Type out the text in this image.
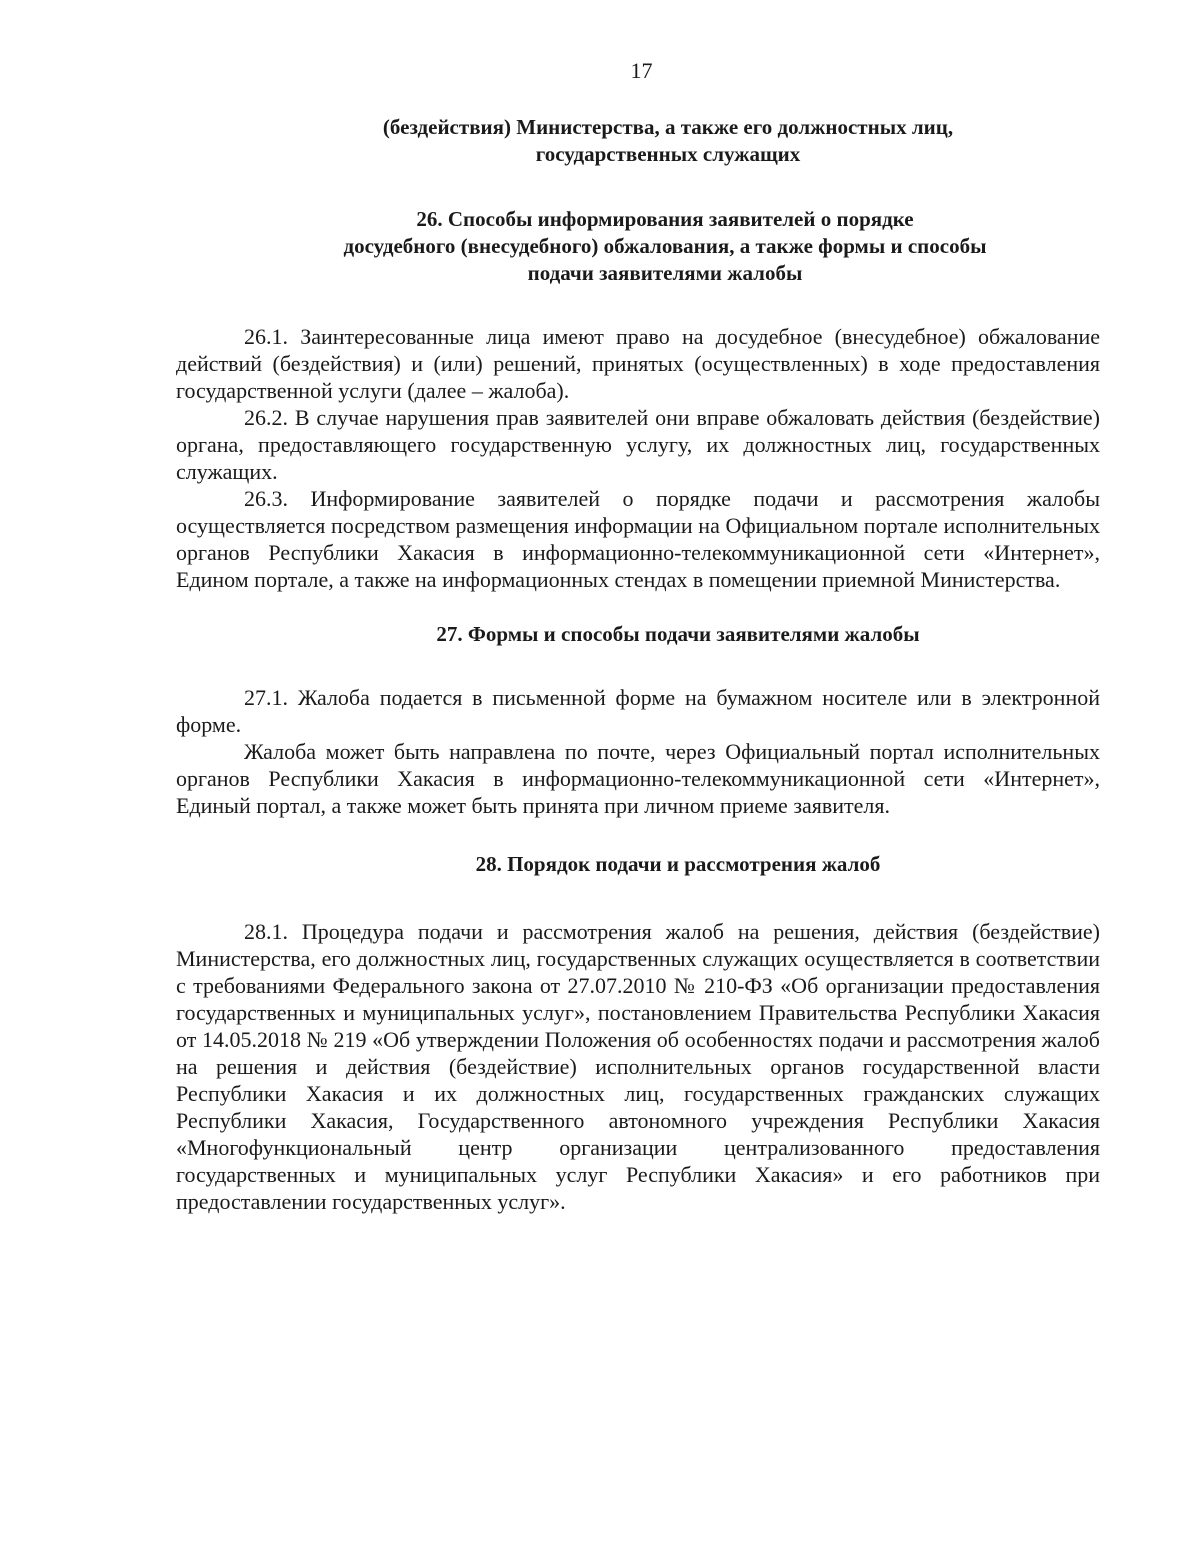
17
(бездействия) Министерства, а также его должностных лиц,
государственных служащих
26. Способы информирования заявителей о порядке
досудебного (внесудебного) обжалования, а также формы и способы
подачи заявителями жалобы

26.1. Заинтересованные лица имеют право на досудебное (внесудебное) обжалование действий (бездействия) и (или) решений, принятых (осуществленных) в ходе предоставления государственной услуги (далее – жалоба).

26.2. В случае нарушения прав заявителей они вправе обжаловать действия (бездействие) органа, предоставляющего государственную услугу, их должностных лиц, государственных служащих.

26.3. Информирование заявителей о порядке подачи и рассмотрения жалобы осуществляется посредством размещения информации на Официальном портале исполнительных органов Республики Хакасия в информационно-телекоммуникационной сети «Интернет», Едином портале, а также на информационных стендах в помещении приемной Министерства.

27. Формы и способы подачи заявителями жалобы

27.1. Жалоба подается в письменной форме на бумажном носителе или в электронной форме.

Жалоба может быть направлена по почте, через Официальный портал исполнительных органов Республики Хакасия в информационно-телекоммуникационной сети «Интернет», Единый портал, а также может быть принята при личном приеме заявителя.

28. Порядок подачи и рассмотрения жалоб

28.1. Процедура подачи и рассмотрения жалоб на решения, действия (бездействие) Министерства, его должностных лиц, государственных служащих осуществляется в соответствии с требованиями Федерального закона от 27.07.2010 № 210-ФЗ «Об организации предоставления государственных и муниципальных услуг», постановлением Правительства Республики Хакасия от 14.05.2018 № 219 «Об утверждении Положения об особенностях подачи и рассмотрения жалоб на решения и действия (бездействие) исполнительных органов государственной власти Республики Хакасия и их должностных лиц, государственных гражданских служащих Республики Хакасия, Государственного автономного учреждения Республики Хакасия «Многофункциональный центр организации централизованного предоставления государственных и муниципальных услуг Республики Хакасия» и его работников при предоставлении государственных услуг».
